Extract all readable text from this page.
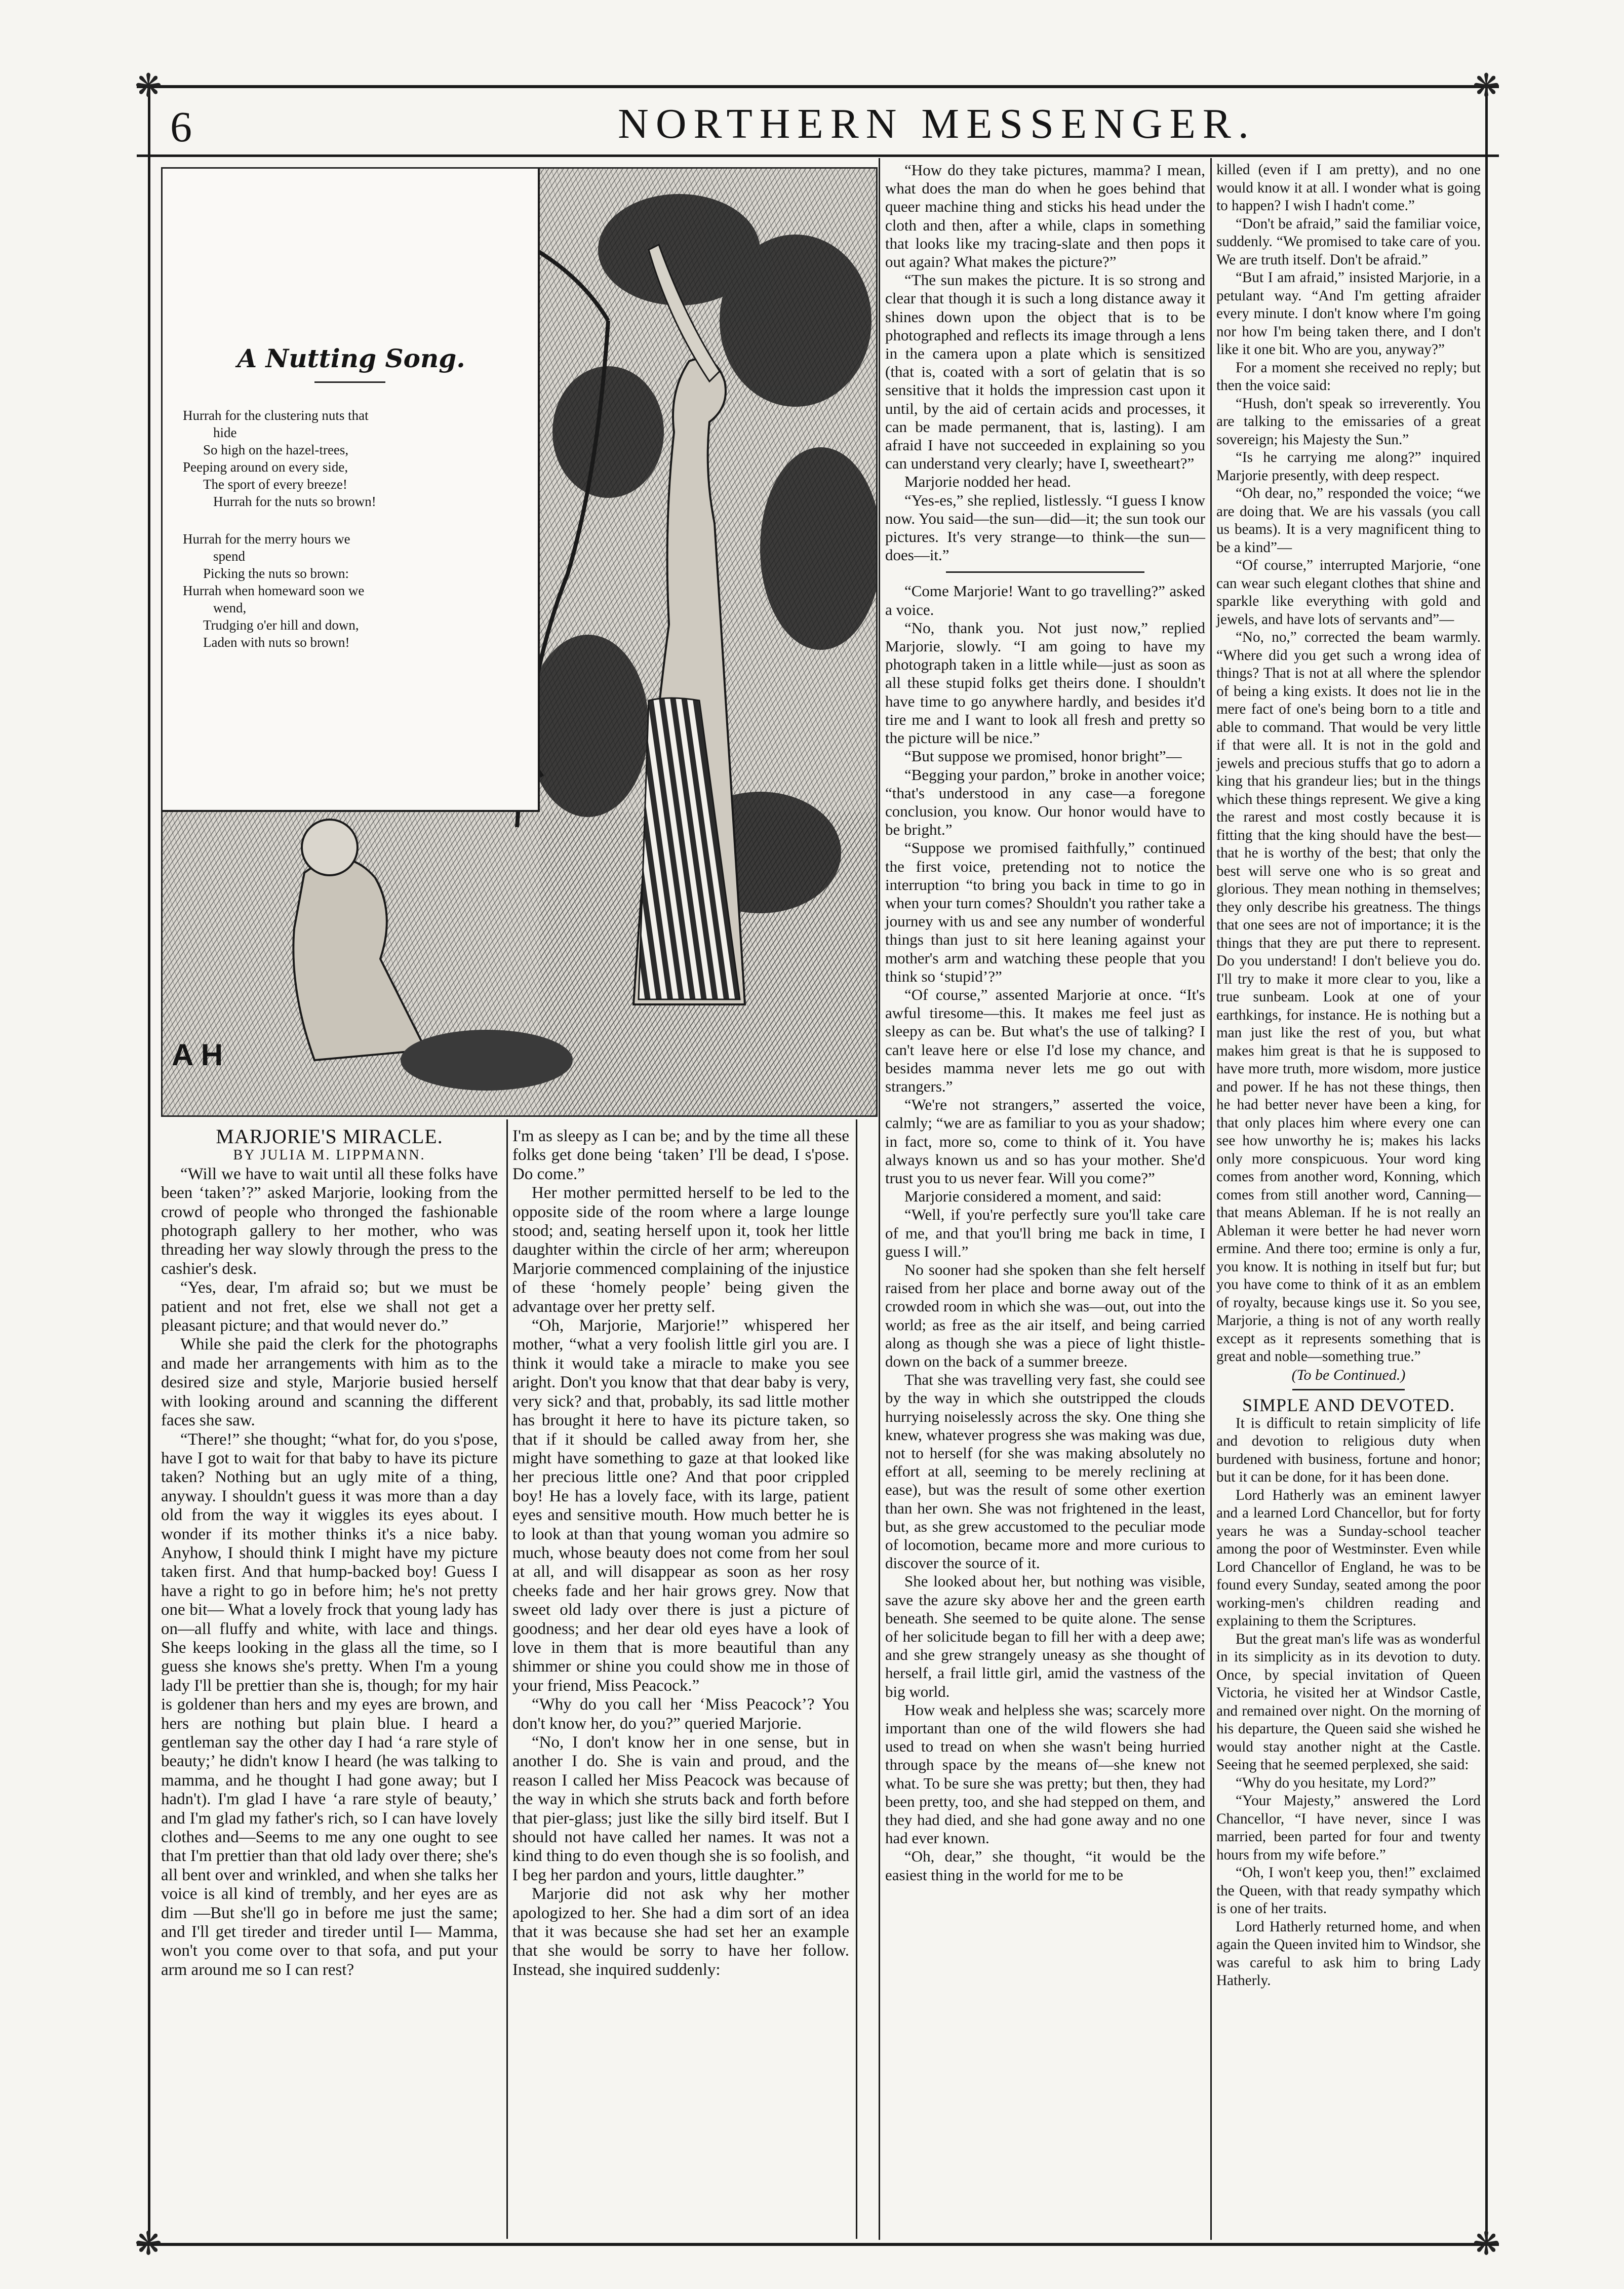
❋	❋
❋	❋
6	NORTHERN MESSENGER.
A Nutting Song.
Hurrah for the clustering nuts that
hide
So high on the hazel-trees,
Peeping around on every side,
The sport of every breeze!
Hurrah for the nuts so brown!
Hurrah for the merry hours we
spend
Picking the nuts so brown:
Hurrah when homeward soon we
wend,
Trudging o'er hill and down,
Laden with nuts so brown!
A H

MARJORIE'S MIRACLE.

BY JULIA M. LIPPMANN.

“Will we have to wait until all these folks have been ‘taken’?” asked Marjorie, looking from the crowd of people who thronged the fashionable photograph gallery to her mother, who was threading her way slowly through the press to the cashier's desk.

“Yes, dear, I'm afraid so; but we must be patient and not fret, else we shall not get a pleasant picture; and that would never do.”

While she paid the clerk for the photographs and made her arrangements with him as to the desired size and style, Marjorie busied herself with looking around and scanning the different faces she saw.

“There!” she thought; “what for, do you s'pose, have I got to wait for that baby to have its picture taken? Nothing but an ugly mite of a thing, anyway. I shouldn't guess it was more than a day old from the way it wiggles its eyes about. I wonder if its mother thinks it's a nice baby. Anyhow, I should think I might have my picture taken first. And that hump-backed boy! Guess I have a right to go in before him; he's not pretty one bit— What a lovely frock that young lady has on—all fluffy and white, with lace and things. She keeps looking in the glass all the time, so I guess she knows she's pretty. When I'm a young lady I'll be prettier than she is, though; for my hair is goldener than hers and my eyes are brown, and hers are nothing but plain blue. I heard a gentleman say the other day I had ‘a rare style of beauty;’ he didn't know I heard (he was talking to mamma, and he thought I had gone away; but I hadn't). I'm glad I have ‘a rare style of beauty,’ and I'm glad my father's rich, so I can have lovely clothes and—Seems to me any one ought to see that I'm prettier than that old lady over there; she's all bent over and wrinkled, and when she talks her voice is all kind of trembly, and her eyes are as dim —But she'll go in before me just the same; and I'll get tireder and tireder until I— Mamma, won't you come over to that sofa, and put your arm around me so I can rest?

I'm as sleepy as I can be; and by the time all these folks get done being ‘taken’ I'll be dead, I s'pose. Do come.”

Her mother permitted herself to be led to the opposite side of the room where a large lounge stood; and, seating herself upon it, took her little daughter within the circle of her arm; whereupon Marjorie commenced complaining of the injustice of these ‘homely people’ being given the advantage over her pretty self.

“Oh, Marjorie, Marjorie!” whispered her mother, “what a very foolish little girl you are. I think it would take a miracle to make you see aright. Don't you know that that dear baby is very, very sick? and that, probably, its sad little mother has brought it here to have its picture taken, so that if it should be called away from her, she might have something to gaze at that looked like her precious little one? And that poor crippled boy! He has a lovely face, with its large, patient eyes and sensitive mouth. How much better he is to look at than that young woman you admire so much, whose beauty does not come from her soul at all, and will disappear as soon as her rosy cheeks fade and her hair grows grey. Now that sweet old lady over there is just a picture of goodness; and her dear old eyes have a look of love in them that is more beautiful than any shimmer or shine you could show me in those of your friend, Miss Peacock.”

“Why do you call her ‘Miss Peacock’? You don't know her, do you?” queried Marjorie.

“No, I don't know her in one sense, but in another I do. She is vain and proud, and the reason I called her Miss Peacock was because of the way in which she struts back and forth before that pier-glass; just like the silly bird itself. But I should not have called her names. It was not a kind thing to do even though she is so foolish, and I beg her pardon and yours, little daughter.”

Marjorie did not ask why her mother apologized to her. She had a dim sort of an idea that it was because she had set her an example that she would be sorry to have her follow. Instead, she inquired suddenly:

“How do they take pictures, mamma? I mean, what does the man do when he goes behind that queer machine thing and sticks his head under the cloth and then, after a while, claps in something that looks like my tracing-slate and then pops it out again? What makes the picture?”

“The sun makes the picture. It is so strong and clear that though it is such a long distance away it shines down upon the object that is to be photographed and reflects its image through a lens in the camera upon a plate which is sensitized (that is, coated with a sort of gelatin that is so sensitive that it holds the impression cast upon it until, by the aid of certain acids and processes, it can be made permanent, that is, lasting). I am afraid I have not succeeded in explaining so you can understand very clearly; have I, sweetheart?”

Marjorie nodded her head.

“Yes-es,” she replied, listlessly. “I guess I know now. You said—the sun—did—it; the sun took our pictures. It's very strange—to think—the sun—does—it.”

“Come Marjorie! Want to go travelling?” asked a voice.

“No, thank you. Not just now,” replied Marjorie, slowly. “I am going to have my photograph taken in a little while—just as soon as all these stupid folks get theirs done. I shouldn't have time to go anywhere hardly, and besides it'd tire me and I want to look all fresh and pretty so the picture will be nice.”

“But suppose we promised, honor bright”—

“Begging your pardon,” broke in another voice; “that's understood in any case—a foregone conclusion, you know. Our honor would have to be bright.”

“Suppose we promised faithfully,” continued the first voice, pretending not to notice the interruption “to bring you back in time to go in when your turn comes? Shouldn't you rather take a journey with us and see any number of wonderful things than just to sit here leaning against your mother's arm and watching these people that you think so ‘stupid’?”

“Of course,” assented Marjorie at once. “It's awful tiresome—this. It makes me feel just as sleepy as can be. But what's the use of talking? I can't leave here or else I'd lose my chance, and besides mamma never lets me go out with strangers.”

“We're not strangers,” asserted the voice, calmly; “we are as familiar to you as your shadow; in fact, more so, come to think of it. You have always known us and so has your mother. She'd trust you to us never fear. Will you come?”

Marjorie considered a moment, and said:

“Well, if you're perfectly sure you'll take care of me, and that you'll bring me back in time, I guess I will.”

No sooner had she spoken than she felt herself raised from her place and borne away out of the crowded room in which she was—out, out into the world; as free as the air itself, and being carried along as though she was a piece of light thistle-down on the back of a summer breeze.

That she was travelling very fast, she could see by the way in which she outstripped the clouds hurrying noiselessly across the sky. One thing she knew, whatever progress she was making was due, not to herself (for she was making absolutely no effort at all, seeming to be merely reclining at ease), but was the result of some other exertion than her own. She was not frightened in the least, but, as she grew accustomed to the peculiar mode of locomotion, became more and more curious to discover the source of it.

She looked about her, but nothing was visible, save the azure sky above her and the green earth beneath. She seemed to be quite alone. The sense of her solicitude began to fill her with a deep awe; and she grew strangely uneasy as she thought of herself, a frail little girl, amid the vastness of the big world.

How weak and helpless she was; scarcely more important than one of the wild flowers she had used to tread on when she wasn't being hurried through space by the means of—she knew not what. To be sure she was pretty; but then, they had been pretty, too, and she had stepped on them, and they had died, and she had gone away and no one had ever known.

“Oh, dear,” she thought, “it would be the easiest thing in the world for me to be

killed (even if I am pretty), and no one would know it at all. I wonder what is going to happen? I wish I hadn't come.”

“Don't be afraid,” said the familiar voice, suddenly. “We promised to take care of you. We are truth itself. Don't be afraid.”

“But I am afraid,” insisted Marjorie, in a petulant way. “And I'm getting afraider every minute. I don't know where I'm going nor how I'm being taken there, and I don't like it one bit. Who are you, anyway?”

For a moment she received no reply; but then the voice said:

“Hush, don't speak so irreverently. You are talking to the emissaries of a great sovereign; his Majesty the Sun.”

“Is he carrying me along?” inquired Marjorie presently, with deep respect.

“Oh dear, no,” responded the voice; “we are doing that. We are his vassals (you call us beams). It is a very magnificent thing to be a kind”—

“Of course,” interrupted Marjorie, “one can wear such elegant clothes that shine and sparkle like everything with gold and jewels, and have lots of servants and”—

“No, no,” corrected the beam warmly. “Where did you get such a wrong idea of things? That is not at all where the splendor of being a king exists. It does not lie in the mere fact of one's being born to a title and able to command. That would be very little if that were all. It is not in the gold and jewels and precious stuffs that go to adorn a king that his grandeur lies; but in the things which these things represent. We give a king the rarest and most costly because it is fitting that the king should have the best—that he is worthy of the best; that only the best will serve one who is so great and glorious. They mean nothing in themselves; they only describe his greatness. The things that one sees are not of importance; it is the things that they are put there to represent. Do you understand! I don't believe you do. I'll try to make it more clear to you, like a true sunbeam. Look at one of your earthkings, for instance. He is nothing but a man just like the rest of you, but what makes him great is that he is supposed to have more truth, more wisdom, more justice and power. If he has not these things, then he had better never have been a king, for that only places him where every one can see how unworthy he is; makes his lacks only more conspicuous. Your word king comes from another word, Konning, which comes from still another word, Canning—that means Ableman. If he is not really an Ableman it were better he had never worn ermine. And there too; ermine is only a fur, you know. It is nothing in itself but fur; but you have come to think of it as an emblem of royalty, because kings use it. So you see, Marjorie, a thing is not of any worth really except as it represents something that is great and noble—something true.”

(To be Continued.)

SIMPLE AND DEVOTED.

It is difficult to retain simplicity of life and devotion to religious duty when burdened with business, fortune and honor; but it can be done, for it has been done.

Lord Hatherly was an eminent lawyer and a learned Lord Chancellor, but for forty years he was a Sunday-school teacher among the poor of Westminster. Even while Lord Chancellor of England, he was to be found every Sunday, seated among the poor working-men's children reading and explaining to them the Scriptures.

But the great man's life was as wonderful in its simplicity as in its devotion to duty. Once, by special invitation of Queen Victoria, he visited her at Windsor Castle, and remained over night. On the morning of his departure, the Queen said she wished he would stay another night at the Castle. Seeing that he seemed perplexed, she said:

“Why do you hesitate, my Lord?”

“Your Majesty,” answered the Lord Chancellor, “I have never, since I was married, been parted for four and twenty hours from my wife before.”

“Oh, I won't keep you, then!” exclaimed the Queen, with that ready sympathy which is one of her traits.

Lord Hatherly returned home, and when again the Queen invited him to Windsor, she was careful to ask him to bring Lady Hatherly.
